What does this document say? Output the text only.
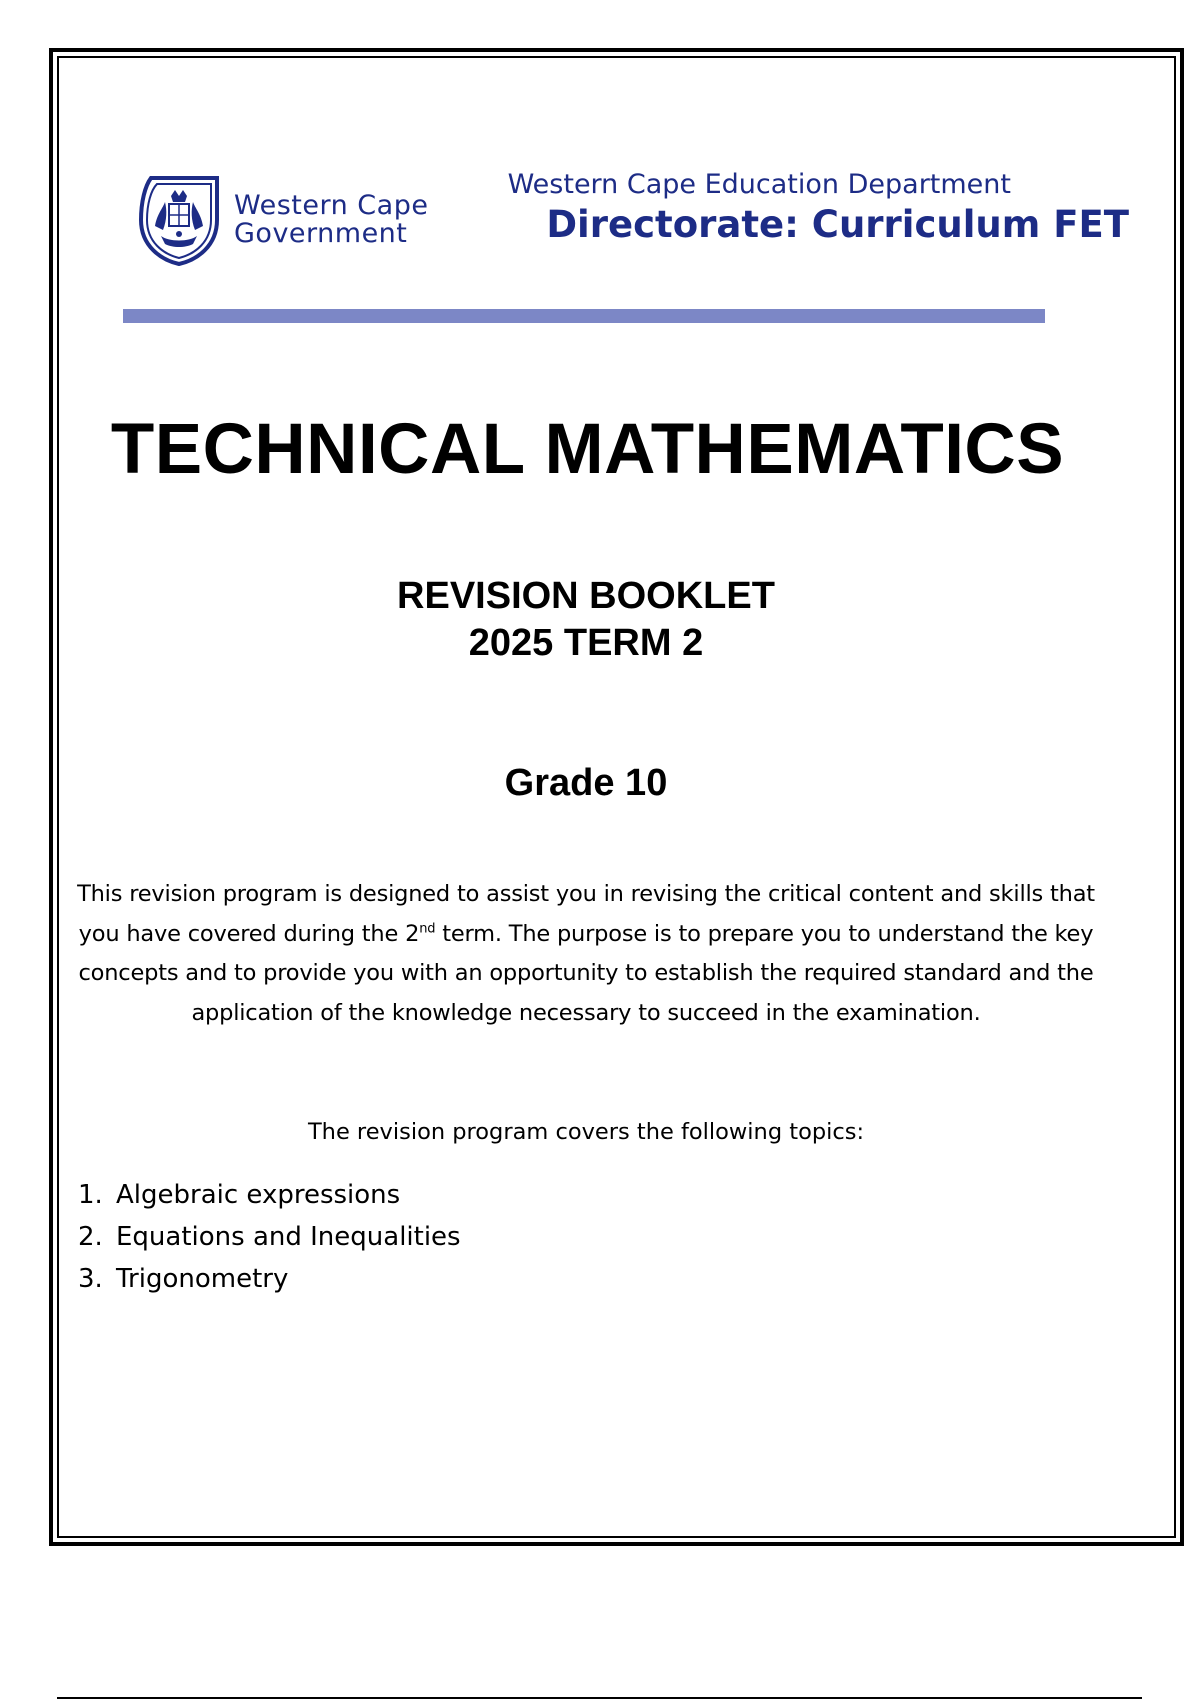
Western Cape
Government
Western Cape Education Department
Directorate: Curriculum FET
TECHNICAL MATHEMATICS
REVISION BOOKLET
2025 TERM 2
Grade 10
This revision program is designed to assist you in revising the critical content and skills that you have covered during the 2nd term. The purpose is to prepare you to understand the key concepts and to provide you with an opportunity to establish the required standard and the application of the knowledge necessary to succeed in the examination.
The revision program covers the following topics:
1. Algebraic expressions
2. Equations and Inequalities
3. Trigonometry
